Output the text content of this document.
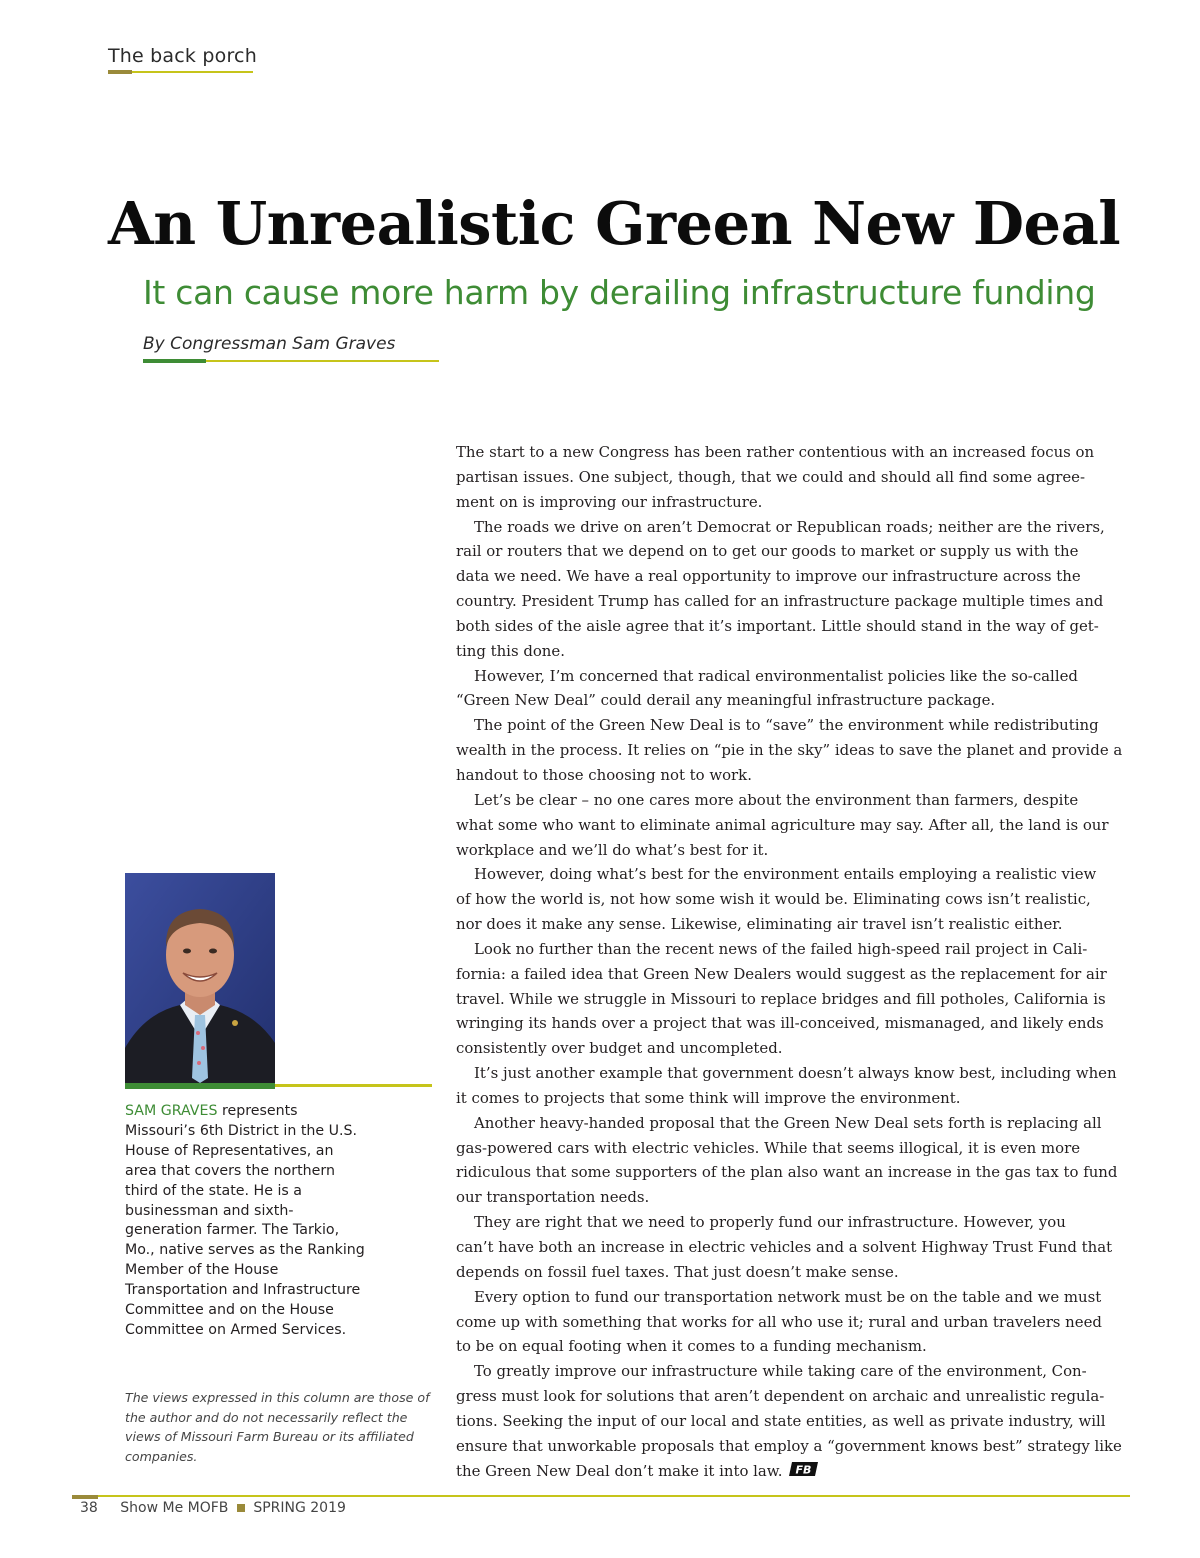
The back porch
An Unrealistic Green New Deal
It can cause more harm by derailing infrastructure funding
By Congressman Sam Graves
SAM GRAVES represents Missouri’s 6th District in the U.S. House of Representatives, an area that covers the northern third of the state. He is a businessman and sixth-generation farmer. The Tarkio, Mo., native serves as the Ranking Member of the House Transportation and Infrastructure Committee and on the House Committee on Armed Services.
The views expressed in this column are those of the author and do not necessarily reflect the views of Missouri Farm Bureau or its affiliated companies.
The start to a new Congress has been rather contentious with an increased focus on
partisan issues. One subject, though, that we could and should all find some agree-
ment on is improving our infrastructure.
The roads we drive on aren’t Democrat or Republican roads; neither are the rivers,
rail or routers that we depend on to get our goods to market or supply us with the
data we need. We have a real opportunity to improve our infrastructure across the
country. President Trump has called for an infrastructure package multiple times and
both sides of the aisle agree that it’s important. Little should stand in the way of get-
ting this done.
However, I’m concerned that radical environmentalist policies like the so-called
“Green New Deal” could derail any meaningful infrastructure package.
The point of the Green New Deal is to “save” the environment while redistributing
wealth in the process. It relies on “pie in the sky” ideas to save the planet and provide a
handout to those choosing not to work.
Let’s be clear – no one cares more about the environment than farmers, despite
what some who want to eliminate animal agriculture may say. After all, the land is our
workplace and we’ll do what’s best for it.
However, doing what’s best for the environment entails employing a realistic view
of how the world is, not how some wish it would be. Eliminating cows isn’t realistic,
nor does it make any sense. Likewise, eliminating air travel isn’t realistic either.
Look no further than the recent news of the failed high-speed rail project in Cali-
fornia: a failed idea that Green New Dealers would suggest as the replacement for air
travel. While we struggle in Missouri to replace bridges and fill potholes, California is
wringing its hands over a project that was ill-conceived, mismanaged, and likely ends
consistently over budget and uncompleted.
It’s just another example that government doesn’t always know best, including when
it comes to projects that some think will improve the environment.
Another heavy-handed proposal that the Green New Deal sets forth is replacing all
gas-powered cars with electric vehicles. While that seems illogical, it is even more
ridiculous that some supporters of the plan also want an increase in the gas tax to fund
our transportation needs.
They are right that we need to properly fund our infrastructure. However, you
can’t have both an increase in electric vehicles and a solvent Highway Trust Fund that
depends on fossil fuel taxes. That just doesn’t make sense.
Every option to fund our transportation network must be on the table and we must
come up with something that works for all who use it; rural and urban travelers need
to be on equal footing when it comes to a funding mechanism.
To greatly improve our infrastructure while taking care of the environment, Con-
gress must look for solutions that aren’t dependent on archaic and unrealistic regula-
tions. Seeking the input of our local and state entities, as well as private industry, will
ensure that unworkable proposals that employ a “government knows best” strategy like
the Green New Deal don’t make it into law. FB
38 Show Me MOFB SPRING 2019
